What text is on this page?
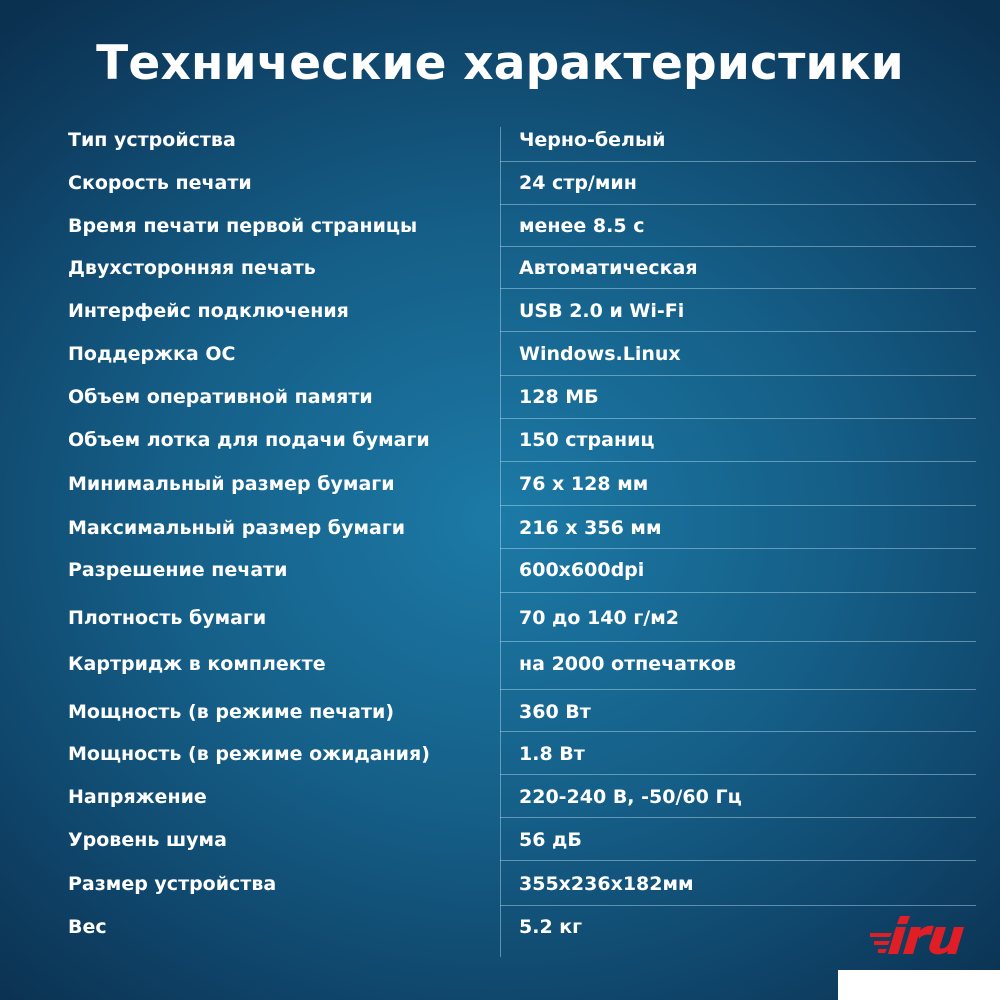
Технические характеристики
Тип устройства	Черно-белый
Скорость печати	24 стр/мин
Время печати первой страницы	менее 8.5 с
Двухсторонняя печать	Автоматическая
Интерфейс подключения	USB 2.0 и Wi-Fi
Поддержка ОС	Windows.Linux
Объем оперативной памяти	128 МБ
Объем лотка для подачи бумаги	150 страниц
Минимальный размер бумаги	76 x 128 мм
Максимальный размер бумаги	216 x 356 мм
Разрешение печати	600x600dpi
Плотность бумаги	70 до 140 г/м2
Картридж в комплекте	на 2000 отпечатков
Мощность (в режиме печати)	360 Вт
Мощность (в режиме ожидания)	1.8 Вт
Напряжение	220-240 В, -50/60 Гц
Уровень шума	56 дБ
Размер устройства	355x236x182мм
Вес	5.2 кг
